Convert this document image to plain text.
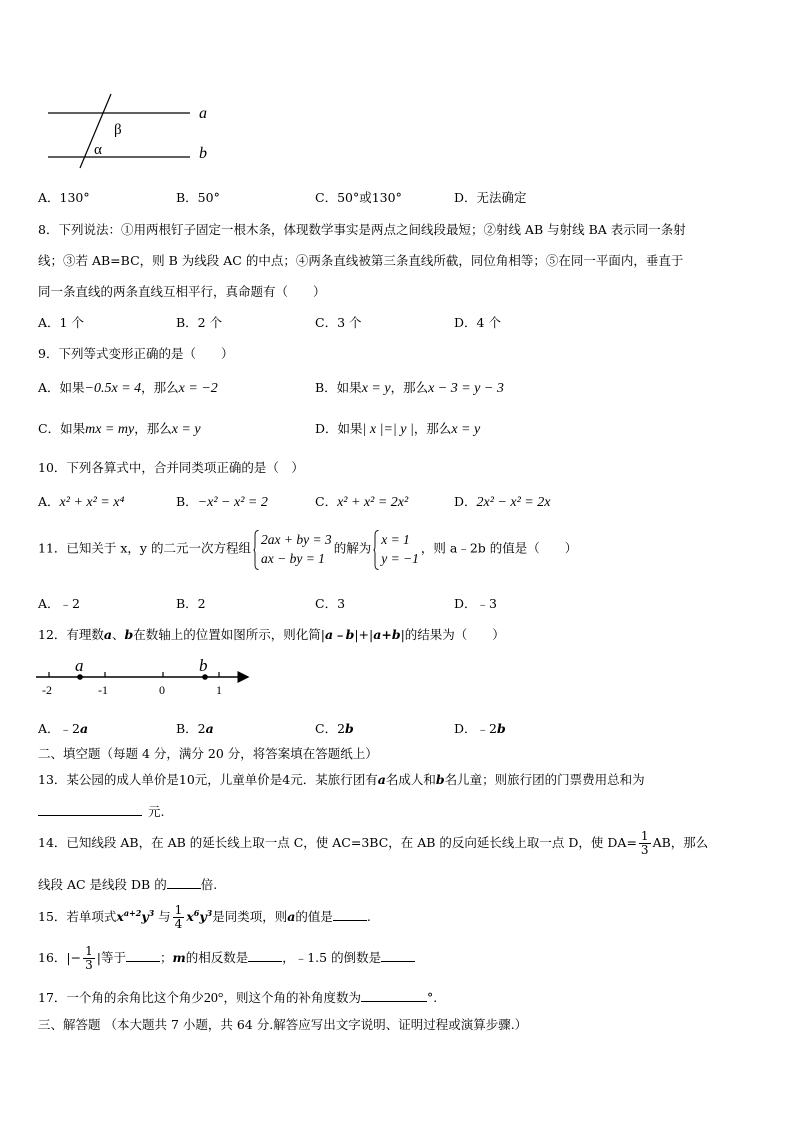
β
α
a
b
A．130°	B．50°	C．50°或130°	D．无法确定
8．下列说法：①用两根钉子固定一根木条，体现数学事实是两点之间线段最短；②射线 AB 与射线 BA 表示同一条射
线；③若 AB=BC，则 B 为线段 AC 的中点；④两条直线被第三条直线所截，同位角相等；⑤在同一平面内，垂直于
同一条直线的两条直线互相平行，真命题有（　　）
A．1 个	B．2 个	C．3 个	D．4 个
9．下列等式变形正确的是（　　）
A．如果−0.5x = 4，那么x = −2	B．如果x = y，那么x − 3 = y − 3
C．如果mx = my，那么x = y	D．如果| x |=| y |，那么x = y
10．下列各算式中，合并同类项正确的是（　）
A．x² + x² = x⁴	B．−x² − x² = 2	C．x² + x² = 2x²	D．2x² − x² = 2x
11．已知关于 x，y 的二元一次方程组
2ax + by = 3
ax − by = 1
的解为
x = 1
y = −1
，则 a﹣2b 的值是（　　）
A．﹣2	B．2	C．3	D．﹣3
12．有理数a、b在数轴上的位置如图所示，则化简|a﹣b|+|a+b|的结果为（　　）
a	b
-2	-1	0	1
A．﹣2a	B．2a	C．2b	D．﹣2b
二、填空题（每题 4 分，满分 20 分，将答案填在答题纸上）
13．某公园的成人单价是10元，儿童单价是4元．某旅行团有a名成人和b名儿童；则旅行团的门票费用总和为
元.
14．已知线段 AB，在 AB 的延长线上取一点 C，使 AC=3BC，在 AB 的反向延长线上取一点 D，使 $DA= \frac{1}{3}$ AB，那么
线段 AC 是线段 DB 的	倍.
15．若单项式$x^{a+2}y^3$ 与 $\frac{1}{4} x^6y^3$是同类项，则a的值是	.
16．|− $\frac{1}{3}$ |等于	；m的相反数是	，﹣1.5 的倒数是
17．一个角的余角比这个角少20°，则这个角的补角度数为	°.
三、解答题 （本大题共 7 小题，共 64 分.解答应写出文字说明、证明过程或演算步骤.）
